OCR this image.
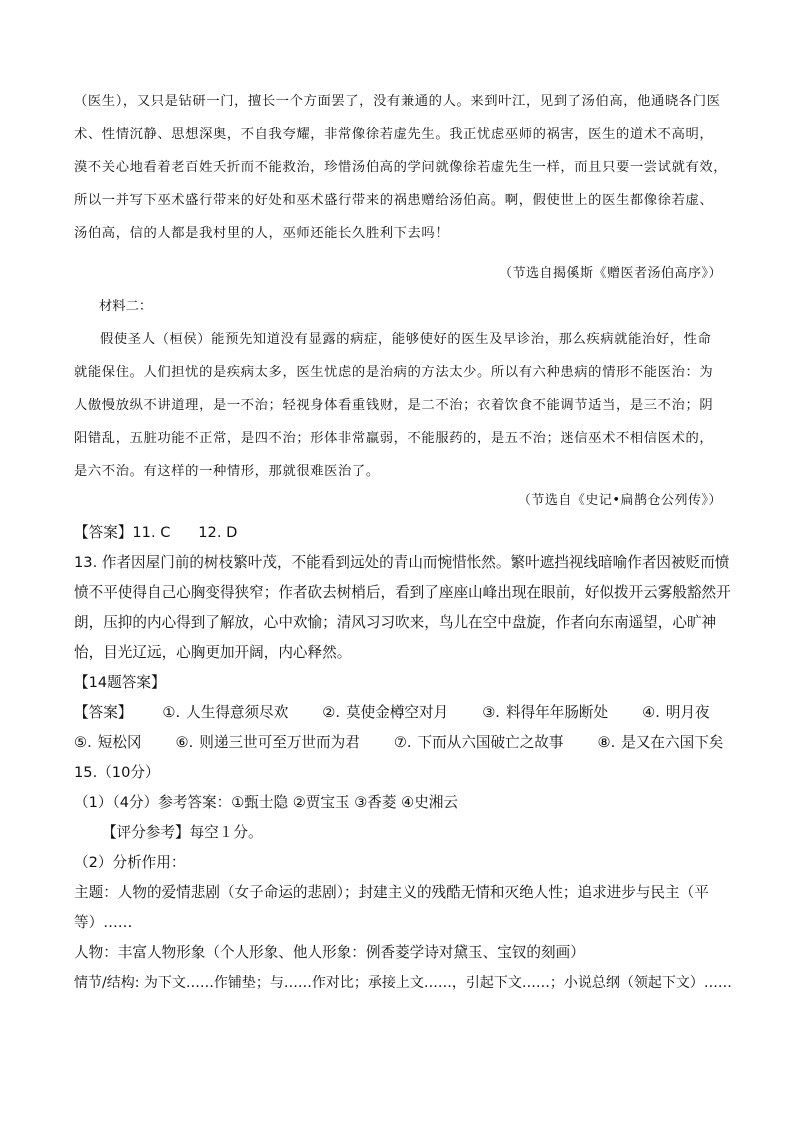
（医生），又只是钻研一门，擅长一个方面罢了，没有兼通的人。来到叶江，见到了汤伯高，他通晓各门医

术、性情沉静、思想深奥，不自我夸耀，非常像徐若虚先生。我正忧虑巫师的祸害，医生的道术不高明，

漠不关心地看着老百姓夭折而不能救治，珍惜汤伯高的学问就像徐若虚先生一样，而且只要一尝试就有效，

所以一并写下巫术盛行带来的好处和巫术盛行带来的祸患赠给汤伯高。啊，假使世上的医生都像徐若虚、

汤伯高，信的人都是我村里的人，巫师还能长久胜利下去吗！

（节选自揭傒斯《赠医者汤伯高序》）
材料二：

假使圣人（桓侯）能预先知道没有显露的病症，能够使好的医生及早诊治，那么疾病就能治好，性命

就能保住。人们担忧的是疾病太多，医生忧虑的是治病的方法太少。所以有六种患病的情形不能医治：为

人傲慢放纵不讲道理，是一不治；轻视身体看重钱财，是二不治；衣着饮食不能调节适当，是三不治；阴

阳错乱，五脏功能不正常，是四不治；形体非常羸弱，不能服药的，是五不治；迷信巫术不相信医术的，

是六不治。有这样的一种情形，那就很难医治了。

（节选自《史记•扁鹊仓公列传》）

【答案】11. C      12. D

13. 作者因屋门前的树枝繁叶茂，不能看到远处的青山而惋惜怅然。繁叶遮挡视线暗喻作者因被贬而愤愤不平使得自己心胸变得狭窄；作者砍去树梢后，看到了座座山峰出现在眼前，好似拨开云雾般豁然开朗，压抑的内心得到了解放，心中欢愉；清风习习吹来，鸟儿在空中盘旋，作者向东南遥望，心旷神怡，目光辽远，心胸更加开阔，内心释然。

【14题答案】

【答案】 ①. 人生得意须尽欢 ②. 莫使金樽空对月 ③. 料得年年肠断处 ④. 明月夜
⑤. 短松冈 ⑥. 则递三世可至万世而为君 ⑦. 下而从六国破亡之故事 ⑧. 是又在六国下矣

15.（10分）

（1）（4分）参考答案：①甄士隐 ②贾宝玉 ③香菱 ④史湘云

【评分参考】每空１分。

（2）分析作用：

主题：人物的爱情悲剧（女子命运的悲剧）；封建主义的残酷无情和灭绝人性；追求进步与民主（平等）……

人物：丰富人物形象（个人形象、他人形象：例香菱学诗对黛玉、宝钗的刻画）

情节/结构: 为下文……作铺垫；与……作对比；承接上文……，引起下文……；小说总纲（领起下文）……
